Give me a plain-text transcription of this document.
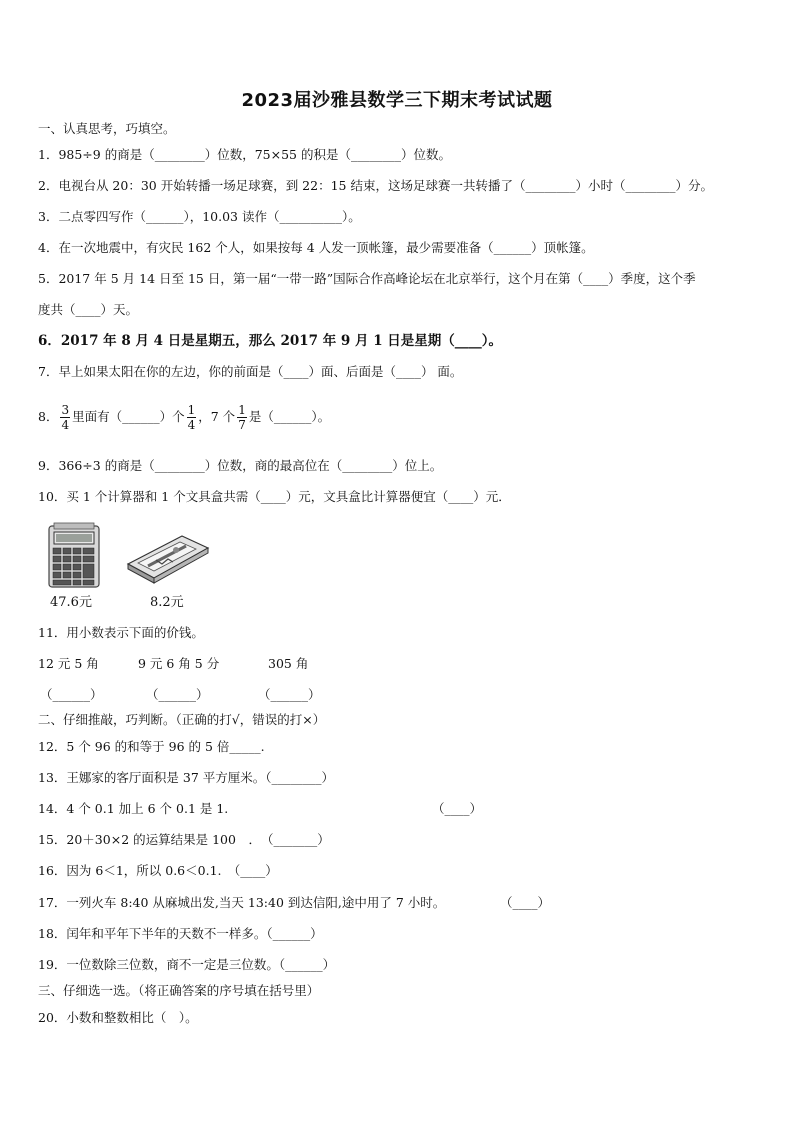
2023届沙雅县数学三下期末考试试题
一、认真思考，巧填空。
1．985÷9 的商是（________）位数，75×55 的积是（________）位数。
2．电视台从 20：30 开始转播一场足球赛，到 22：15 结束，这场足球赛一共转播了（________）小时（________）分。
3．二点零四写作（______），10.03 读作（__________）。
4．在一次地震中，有灾民 162 个人，如果按每 4 人发一顶帐篷，最少需要准备（______）顶帐篷。
5．2017 年 5 月 14 日至 15 日，第一届“一带一路”国际合作高峰论坛在北京举行，这个月在第（____）季度，这个季
度共（____）天。
6．2017 年 8 月 4 日是星期五，那么 2017 年 9 月 1 日是星期（____）。
7．早上如果太阳在你的左边，你的前面是（____）面、后面是（____） 面。
8． $\frac{3}{4}$ 里面有（______）个 $\frac{1}{4}$ ，7 个 $\frac{1}{7}$ 是（______）。
9．366÷3 的商是（________）位数，商的最高位在（________）位上。
10．买 1 个计算器和 1 个文具盒共需（____）元，文具盒比计算器便宜（____）元．
47.6元	8.2元
11．用小数表示下面的价钱。
12 元 5 角	9 元 6 角 5 分	305 角
（______）	（______）	（______）
二、仔细推敲，巧判断。（正确的打√，错误的打×）
12．5 个 96 的和等于 96 的 5 倍_____.
13．王娜家的客厅面积是 37 平方厘米。（________）
14．4 个 0.1 加上 6 个 0.1 是 1.	（____）
15．20＋30×2 的运算结果是 100　．　（_______）
16．因为 6＜1，所以 0.6＜0.1.　（____）
17．一列火车 8:40 从麻城出发,当天 13:40 到达信阳,途中用了 7 小时。	（____）
18．闰年和平年下半年的天数不一样多。（______）
19．一位数除三位数，商不一定是三位数。（______）
三、仔细选一选。（将正确答案的序号填在括号里）
20．小数和整数相比（　）。
